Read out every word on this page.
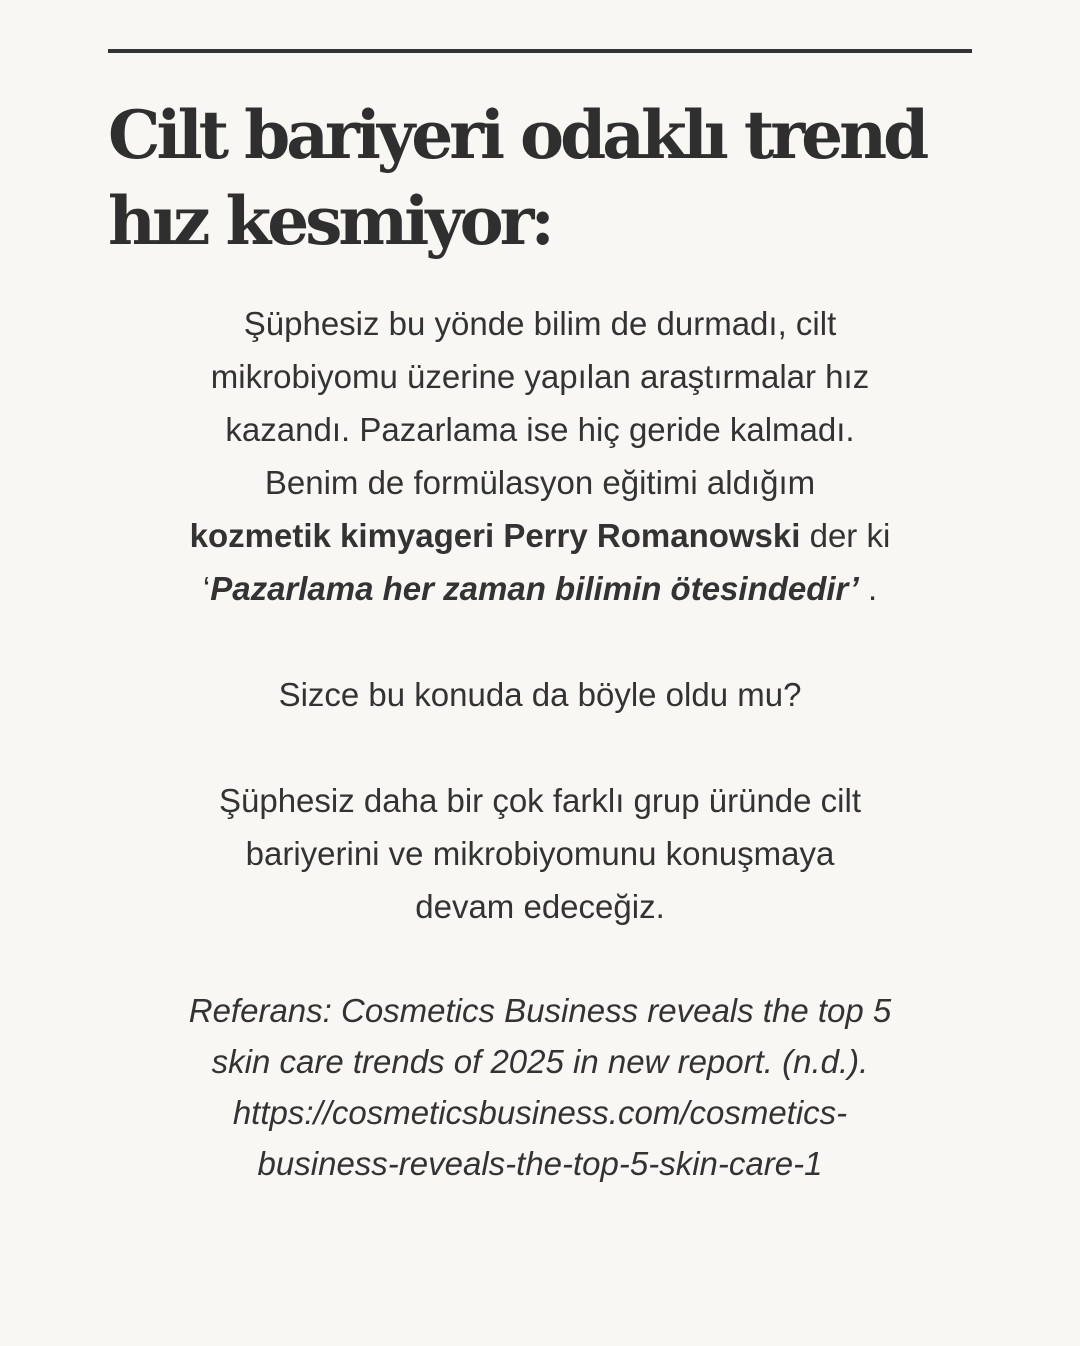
Cilt bariyeri odaklı trend
hız kesmiyor:

Şüphesiz bu yönde bilim de durmadı, cilt
mikrobiyomu üzerine yapılan araştırmalar hız
kazandı. Pazarlama ise hiç geride kalmadı.
Benim de formülasyon eğitimi aldığım
kozmetik kimyageri Perry Romanowski der ki
‘Pazarlama her zaman bilimin ötesindedir’ .

Sizce bu konuda da böyle oldu mu?

Şüphesiz daha bir çok farklı grup üründe cilt
bariyerini ve mikrobiyomunu konuşmaya
devam edeceğiz.

Referans: Cosmetics Business reveals the top 5
skin care trends of 2025 in new report. (n.d.).
https://cosmeticsbusiness.com/cosmetics-
business-reveals-the-top-5-skin-care-1
